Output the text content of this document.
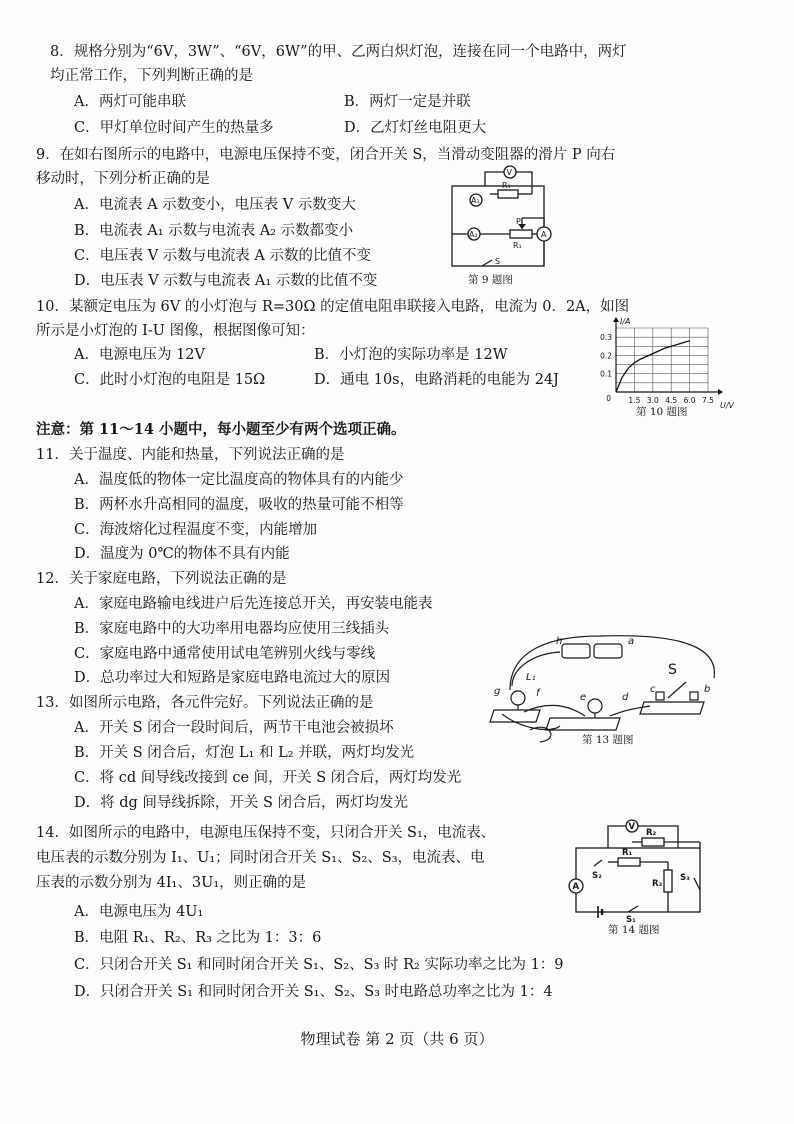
8．规格分别为“6V，3W”、“6V，6W”的甲、乙两白炽灯泡，连接在同一个电路中，两灯
均正常工作，下列判断正确的是
A．两灯可能串联	B．两灯一定是并联
C．甲灯单位时间产生的热量多	D．乙灯灯丝电阻更大
9．在如右图所示的电路中，电源电压保持不变，闭合开关 S，当滑动变阻器的滑片 P 向右
移动时，下列分析正确的是
A．电流表 A 示数变小，电压表 V 示数变大
B．电流表 A₁ 示数与电流表 A₂ 示数都变小
C．电压表 V 示数与电流表 A 示数的比值不变
D．电压表 V 示数与电流表 A₁ 示数的比值不变
V
R₁
A₁
A₂
P
R₁
A
S
第 9 题图
10．某额定电压为 6V 的小灯泡与 R=30Ω 的定值电阻串联接入电路，电流为 0．2A，如图
所示是小灯泡的 I-U 图像，根据图像可知：
A．电源电压为 12V	B．小灯泡的实际功率是 12W
C．此时小灯泡的电阻是 15Ω	D．通电 10s，电路消耗的电能为 24J
1.5 3.0 4.5 6.0 7.5
0.1
0.2
0.3
0
U/V
I/A
第 10 题图
注意：第 11～14 小题中，每小题至少有两个选项正确。
11．关于温度、内能和热量，下列说法正确的是
A．温度低的物体一定比温度高的物体具有的内能少
B．两杯水升高相同的温度，吸收的热量可能不相等
C．海波熔化过程温度不变，内能增加
D．温度为 0℃的物体不具有内能
12．关于家庭电路，下列说法正确的是
A．家庭电路输电线进户后先连接总开关，再安装电能表
B．家庭电路中的大功率用电器均应使用三线插头
C．家庭电路中通常使用试电笔辨别火线与零线
D．总功率过大和短路是家庭电路电流过大的原因
h	a
L₁
f
S
g
e	d
c	b
第 13 题图
13．如图所示电路，各元件完好。下列说法正确的是
A．开关 S 闭合一段时间后，两节干电池会被损坏
B．开关 S 闭合后，灯泡 L₁ 和 L₂ 并联，两灯均发光
C．将 cd 间导线改接到 ce 间，开关 S 闭合后，两灯均发光
D．将 dg 间导线拆除，开关 S 闭合后，两灯均发光
14．如图所示的电路中，电源电压保持不变，只闭合开关 S₁，电流表、
电压表的示数分别为 I₁、U₁；同时闭合开关 S₁、S₂、S₃，电流表、电
压表的示数分别为 4I₁、3U₁，则正确的是
A．电源电压为 4U₁
B．电阻 R₁、R₂、R₃ 之比为 1：3：6
C．只闭合开关 S₁ 和同时闭合开关 S₁、S₂、S₃ 时 R₂ 实际功率之比为 1：9
D．只闭合开关 S₁ 和同时闭合开关 S₁、S₂、S₃ 时电路总功率之比为 1：4
V
R₂
R₁
A
S₂
R₃
S₃
S₁
第 14 题图
物理试卷 第 2 页（共 6 页）
